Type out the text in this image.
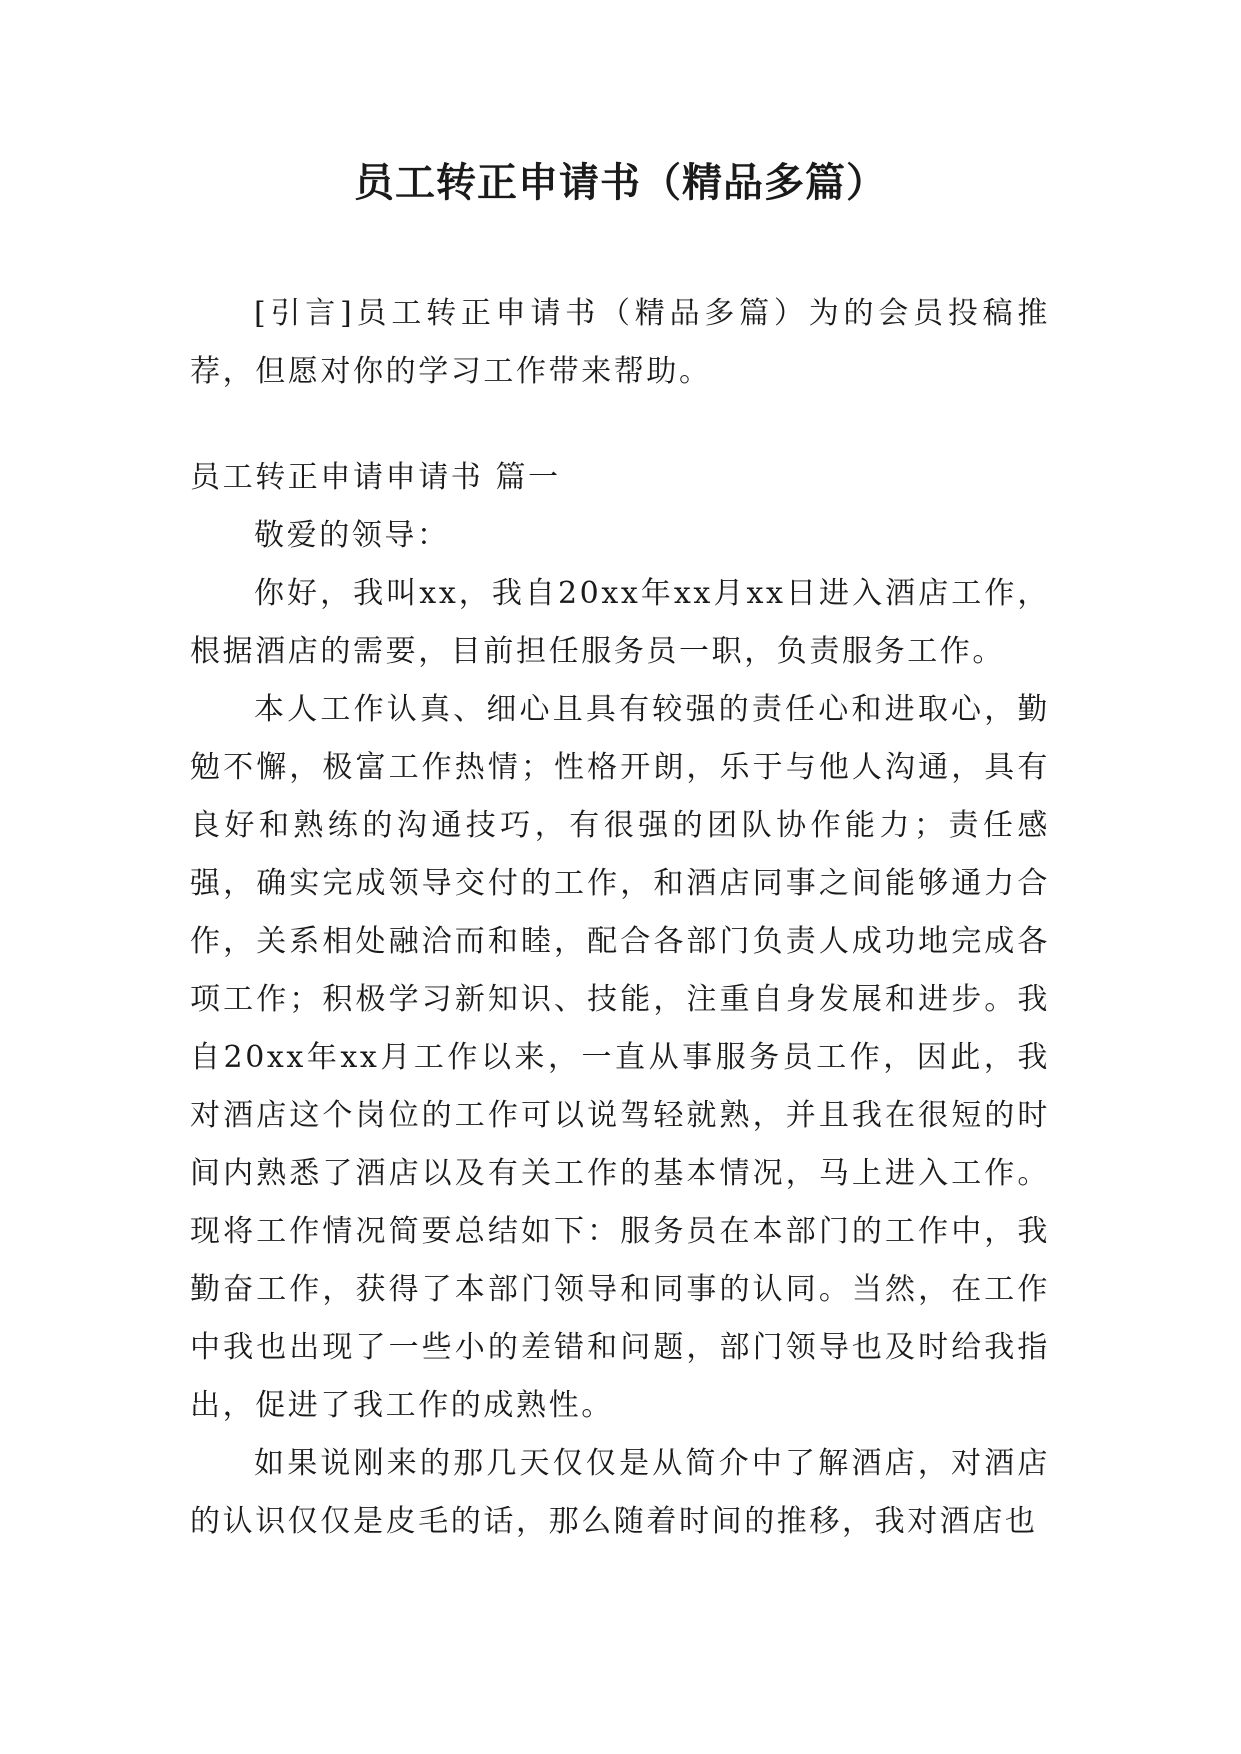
员工转正申请书（精品多篇）

[引言]员工转正申请书（精品多篇）为的会员投稿推荐，但愿对你的学习工作带来帮助。

员工转正申请申请书 篇一

敬爱的领导：

你好，我叫xx，我自20xx年xx月xx日进入酒店工作，根据酒店的需要，目前担任服务员一职，负责服务工作。

本人工作认真、细心且具有较强的责任心和进取心，勤勉不懈，极富工作热情；性格开朗，乐于与他人沟通，具有良好和熟练的沟通技巧，有很强的团队协作能力；责任感强，确实完成领导交付的工作，和酒店同事之间能够通力合作，关系相处融洽而和睦，配合各部门负责人成功地完成各项工作；积极学习新知识、技能，注重自身发展和进步。我自20xx年xx月工作以来，一直从事服务员工作，因此，我对酒店这个岗位的工作可以说驾轻就熟，并且我在很短的时间内熟悉了酒店以及有关工作的基本情况，马上进入工作。现将工作情况简要总结如下：服务员在本部门的工作中，我勤奋工作，获得了本部门领导和同事的认同。当然，在工作中我也出现了一些小的差错和问题，部门领导也及时给我指出，促进了我工作的成熟性。

如果说刚来的那几天仅仅是从简介中了解酒店，对酒店的认识仅仅是皮毛的话，那么随着时间的推移，我对酒店也
